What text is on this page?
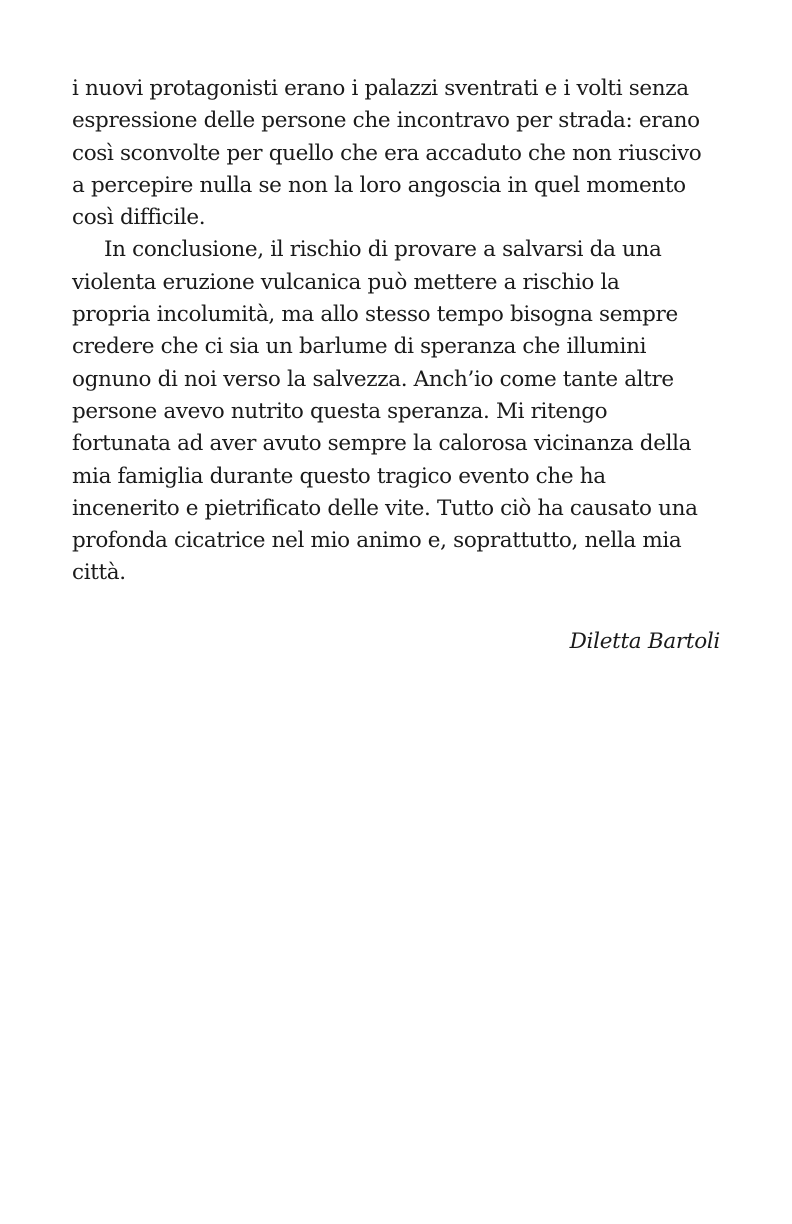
i nuovi protagonisti erano i palazzi sventrati e i volti senza
espressione delle persone che incontravo per strada: erano
così sconvolte per quello che era accaduto che non riuscivo
a percepire nulla se non la loro angoscia in quel momento
così difficile.
In conclusione, il rischio di provare a salvarsi da una
violenta eruzione vulcanica può mettere a rischio la
propria incolumità, ma allo stesso tempo bisogna sempre
credere che ci sia un barlume di speranza che illumini
ognuno di noi verso la salvezza. Anch’io come tante altre
persone avevo nutrito questa speranza. Mi ritengo
fortunata ad aver avuto sempre la calorosa vicinanza della
mia famiglia durante questo tragico evento che ha
incenerito e pietrificato delle vite. Tutto ciò ha causato una
profonda cicatrice nel mio animo e, soprattutto, nella mia
città.
Diletta Bartoli
